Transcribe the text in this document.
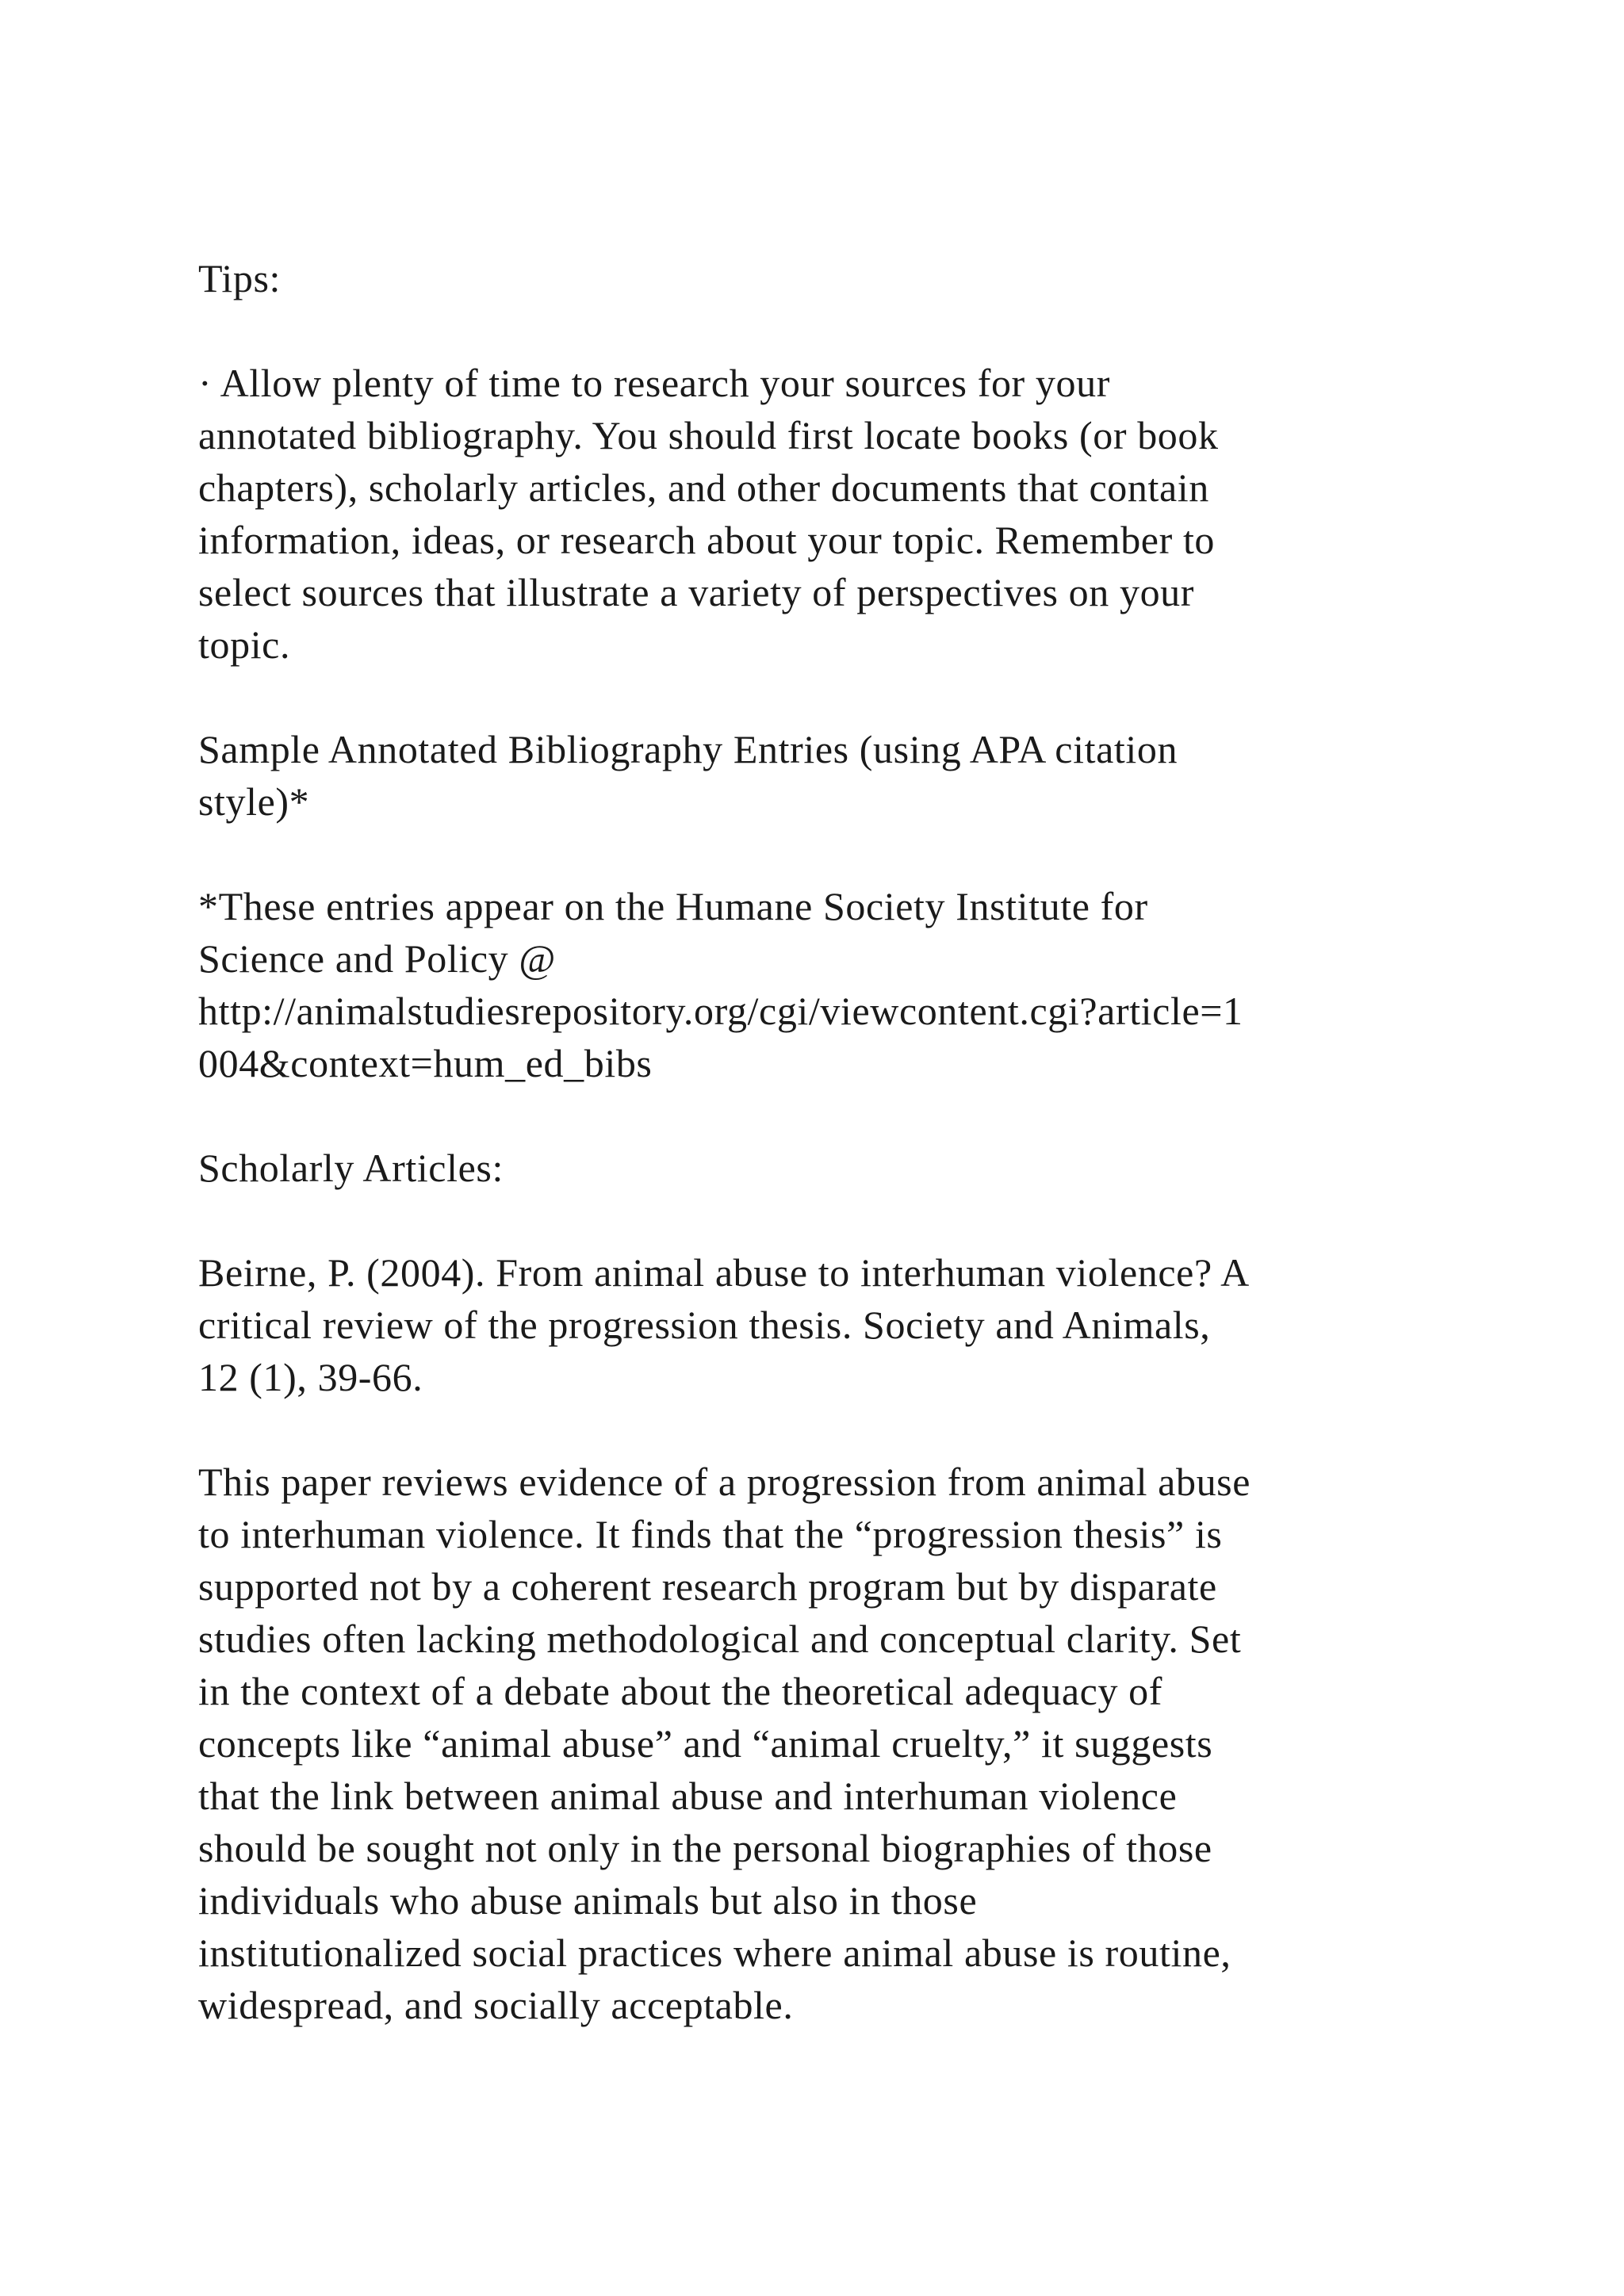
Tips:

· Allow plenty of time to research your sources for your
annotated bibliography. You should first locate books (or book
chapters), scholarly articles, and other documents that contain
information, ideas, or research about your topic. Remember to
select sources that illustrate a variety of perspectives on your
topic.

Sample Annotated Bibliography Entries (using APA citation
style)*

*These entries appear on the Humane Society Institute for
Science and Policy @
http://animalstudiesrepository.org/cgi/viewcontent.cgi?article=1
004&context=hum_ed_bibs

Scholarly Articles:

Beirne, P. (2004). From animal abuse to interhuman violence? A
critical review of the progression thesis. Society and Animals,
12 (1), 39-66.

This paper reviews evidence of a progression from animal abuse
to interhuman violence. It finds that the “progression thesis” is
supported not by a coherent research program but by disparate
studies often lacking methodological and conceptual clarity. Set
in the context of a debate about the theoretical adequacy of
concepts like “animal abuse” and “animal cruelty,” it suggests
that the link between animal abuse and interhuman violence
should be sought not only in the personal biographies of those
individuals who abuse animals but also in those
institutionalized social practices where animal abuse is routine,
widespread, and socially acceptable.
